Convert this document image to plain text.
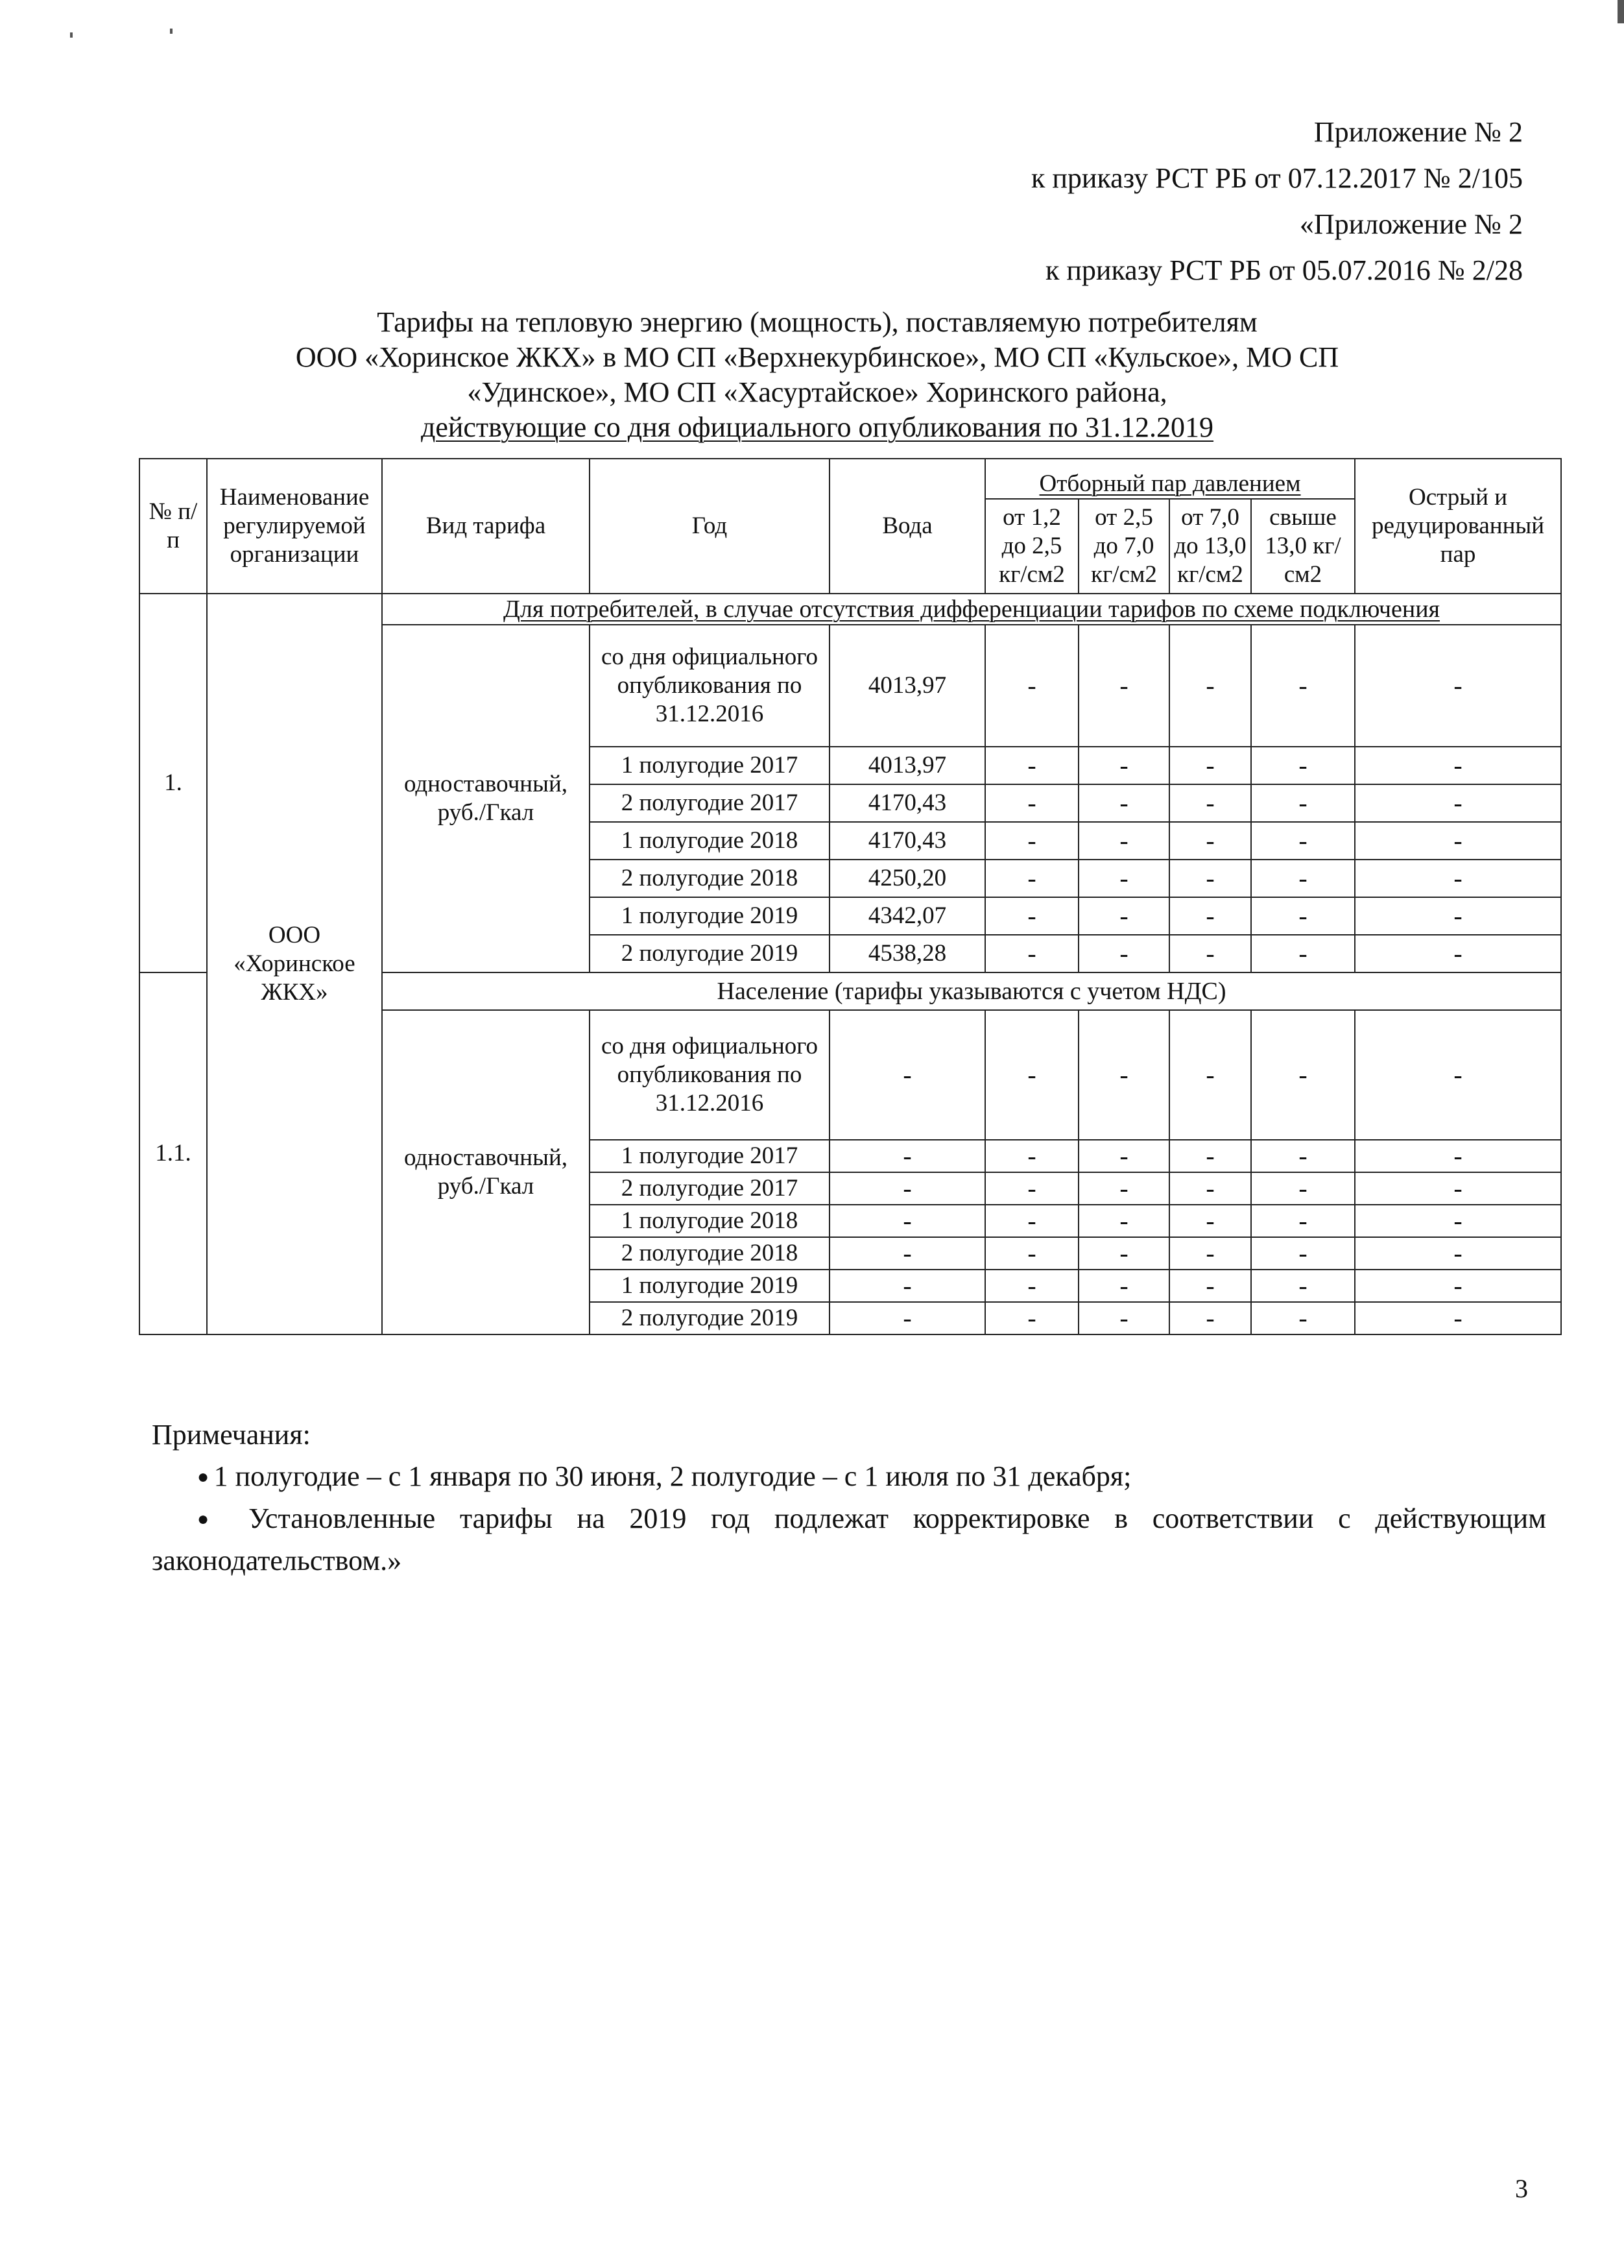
Приложение № 2
к приказу РСТ РБ от 07.12.2017 № 2/105
«Приложение № 2
к приказу РСТ РБ от 05.07.2016 № 2/28
Тарифы на тепловую энергию (мощность), поставляемую потребителям
ООО «Хоринское ЖКХ» в МО СП «Верхнекурбинское», МО СП «Кульское», МО СП
«Удинское», МО СП «Хасуртайское» Хоринского района,
действующие со дня официального опубликования по 31.12.2019
№ п/п	Наименование регулируемой организации	Вид тарифа	Год	Вода	Отборный пар давлением				Острый и редуцированный пар
					от 1,2 до 2,5 кг/см2	от 2,5 до 7,0 кг/см2	от 7,0 до 13,0 кг/см2	свыше 13,0 кг/см2	
1.	ООО «Хоринское ЖКХ»	Для потребителей, в случае отсутствия дифференциации тарифов по схеме подключения							
		одноставочный, руб./Гкал	со дня официального опубликования по 31.12.2016	4013,97	-	-	-	-	-
			1 полугодие 2017	4013,97	-	-	-	-	-
			2 полугодие 2017	4170,43	-	-	-	-	-
			1 полугодие 2018	4170,43	-	-	-	-	-
			2 полугодие 2018	4250,20	-	-	-	-	-
			1 полугодие 2019	4342,07	-	-	-	-	-
			2 полугодие 2019	4538,28	-	-	-	-	-
1.1.		Население (тарифы указываются с учетом НДС)							
		одноставочный, руб./Гкал	со дня официального опубликования по 31.12.2016	-	-	-	-	-	-
			1 полугодие 2017	-	-	-	-	-	-
			2 полугодие 2017	-	-	-	-	-	-
			1 полугодие 2018	-	-	-	-	-	-
			2 полугодие 2018	-	-	-	-	-	-
			1 полугодие 2019	-	-	-	-	-	-
			2 полугодие 2019	-	-	-	-	-	-
Примечания:
● 1 полугодие – с 1 января по 30 июня, 2 полугодие – с 1 июля по 31 декабря;
● Установленные тарифы на 2019 год подлежат корректировке в соответствии с действующим законодательством.»
3
